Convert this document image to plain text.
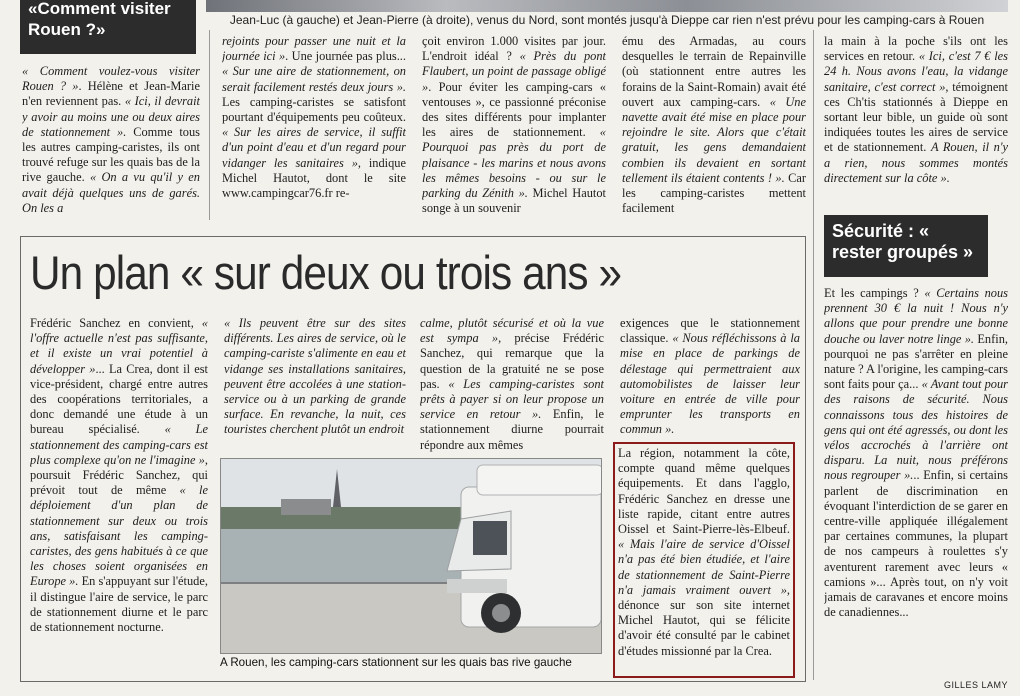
Jean-Luc (à gauche) et Jean-Pierre (à droite), venus du Nord, sont montés jusqu'à Dieppe car rien n'est prévu pour les camping-cars à Rouen
«Comment visiter Rouen ?»

« Comment voulez-vous visiter Rouen ? ». Hélène et Jean-Marie n'en reviennent pas. « Ici, il devrait y avoir au moins une ou deux aires de stationnement ». Comme tous les autres camping-caristes, ils ont trouvé refuge sur les quais bas de la rive gauche. « On a vu qu'il y en avait déjà quelques uns de garés. On les a

rejoints pour passer une nuit et la journée ici ». Une journée pas plus... « Sur une aire de stationnement, on serait facilement restés deux jours ». Les camping-caristes se satisfont pourtant d'équipements peu coûteux. « Sur les aires de service, il suffit d'un point d'eau et d'un regard pour vidanger les sanitaires », indique Michel Hautot, dont le site www.campingcar76.fr re-

çoit environ 1.000 visites par jour. L'endroit idéal ? « Près du pont Flaubert, un point de passage obligé ». Pour éviter les camping-cars « ventouses », ce passionné préconise des sites différents pour implanter les aires de stationnement. « Pourquoi pas près du port de plaisance - les marins et nous avons les mêmes besoins - ou sur le parking du Zénith ». Michel Hautot songe à un souvenir

ému des Armadas, au cours desquelles le terrain de Repainville (où stationnent entre autres les forains de la Saint-Romain) avait été ouvert aux camping-cars. « Une navette avait été mise en place pour rejoindre le site. Alors que c'était gratuit, les gens demandaient combien ils devaient en sortant tellement ils étaient contents ! ». Car les camping-caristes mettent facilement

la main à la poche s'ils ont les services en retour. « Ici, c'est 7 € les 24 h. Nous avons l'eau, la vidange sanitaire, c'est correct », témoignent ces Ch'tis stationnés à Dieppe en sortant leur bible, un guide où sont indiquées toutes les aires de service et de stationnement. A Rouen, il n'y a rien, nous sommes montés directement sur la côte ».

Sécurité : « rester groupés »

Et les campings ? « Certains nous prennent 30 € la nuit ! Nous n'y allons que pour prendre une bonne douche ou laver notre linge ». Enfin, pourquoi ne pas s'arrêter en pleine nature ? A l'origine, les camping-cars sont faits pour ça... « Avant tout pour des raisons de sécurité. Nous connaissons tous des histoires de gens qui ont été agressés, ou dont les vélos accrochés à l'arrière ont disparu. La nuit, nous préférons nous regrouper »... Enfin, si certains parlent de discrimination en évoquant l'interdiction de se garer en centre-ville appliquée illégalement par certaines communes, la plupart de nos campeurs à roulettes s'y aventurent rarement avec leurs « camions »... Après tout, on n'y voit jamais de caravanes et encore moins de canadiennes...

Un plan « sur deux ou trois ans »

Frédéric Sanchez en convient, « l'offre actuelle n'est pas suffisante, et il existe un vrai potentiel à développer »... La Crea, dont il est vice-président, chargé entre autres des coopérations territoriales, a donc demandé une étude à un bureau spécialisé. « Le stationnement des camping-cars est plus complexe qu'on ne l'imagine », poursuit Frédéric Sanchez, qui prévoit tout de même « le déploiement d'un plan de stationnement sur deux ou trois ans, satisfaisant les camping-caristes, des gens habitués à ce que les choses soient organisées en Europe ». En s'appuyant sur l'étude, il distingue l'aire de service, le parc de stationnement diurne et le parc de stationnement nocturne.

« Ils peuvent être sur des sites différents. Les aires de service, où le camping-cariste s'alimente en eau et vidange ses installations sanitaires, peuvent être accolées à une station-service ou à un parking de grande surface. En revanche, la nuit, ces touristes cherchent plutôt un endroit

calme, plutôt sécurisé et où la vue est sympa », précise Frédéric Sanchez, qui remarque que la question de la gratuité ne se pose pas. « Les camping-caristes sont prêts à payer si on leur propose un service en retour ». Enfin, le stationnement diurne pourrait répondre aux mêmes

exigences que le stationnement classique. « Nous réfléchissons à la mise en place de parkings de délestage qui permettraient aux automobilistes de laisser leur voiture en entrée de ville pour emprunter les transports en commun ».

La région, notamment la côte, compte quand même quelques équipements. Et dans l'agglo, Frédéric Sanchez en dresse une liste rapide, citant entre autres Oissel et Saint-Pierre-lès-Elbeuf. « Mais l'aire de service d'Oissel n'a pas été bien étudiée, et l'aire de stationnement de Saint-Pierre n'a jamais vraiment ouvert », dénonce sur son site internet Michel Hautot, qui se félicite d'avoir été consulté par le cabinet d'études missionné par la Crea.

A Rouen, les camping-cars stationnent sur les quais bas rive gauche
GILLES LAMY
